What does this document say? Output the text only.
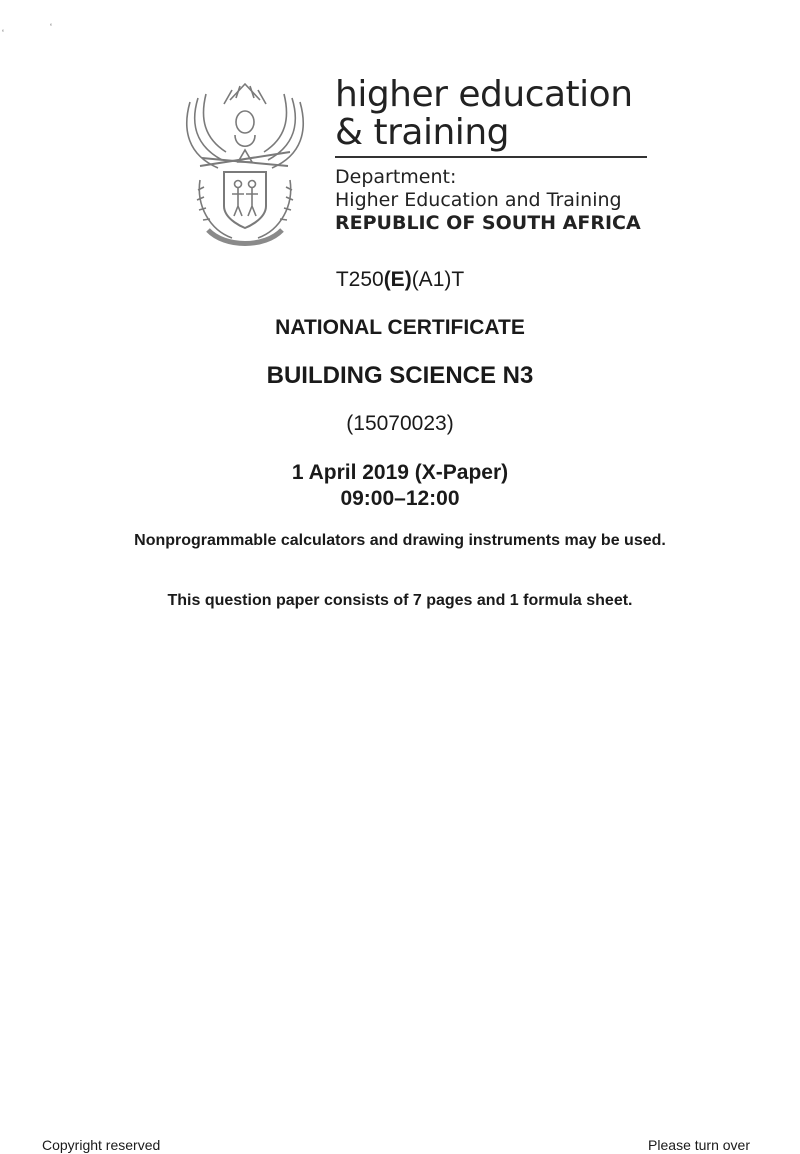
ʻ
ʻ
higher education
& training
Department:
Higher Education and Training
REPUBLIC OF SOUTH AFRICA
T250(E)(A1)T
NATIONAL CERTIFICATE
BUILDING SCIENCE N3
(15070023)
1 April 2019 (X-Paper)
09:00–12:00
Nonprogrammable calculators and drawing instruments may be used.
This question paper consists of 7 pages and 1 formula sheet.
Copyright reserved	Please turn over
